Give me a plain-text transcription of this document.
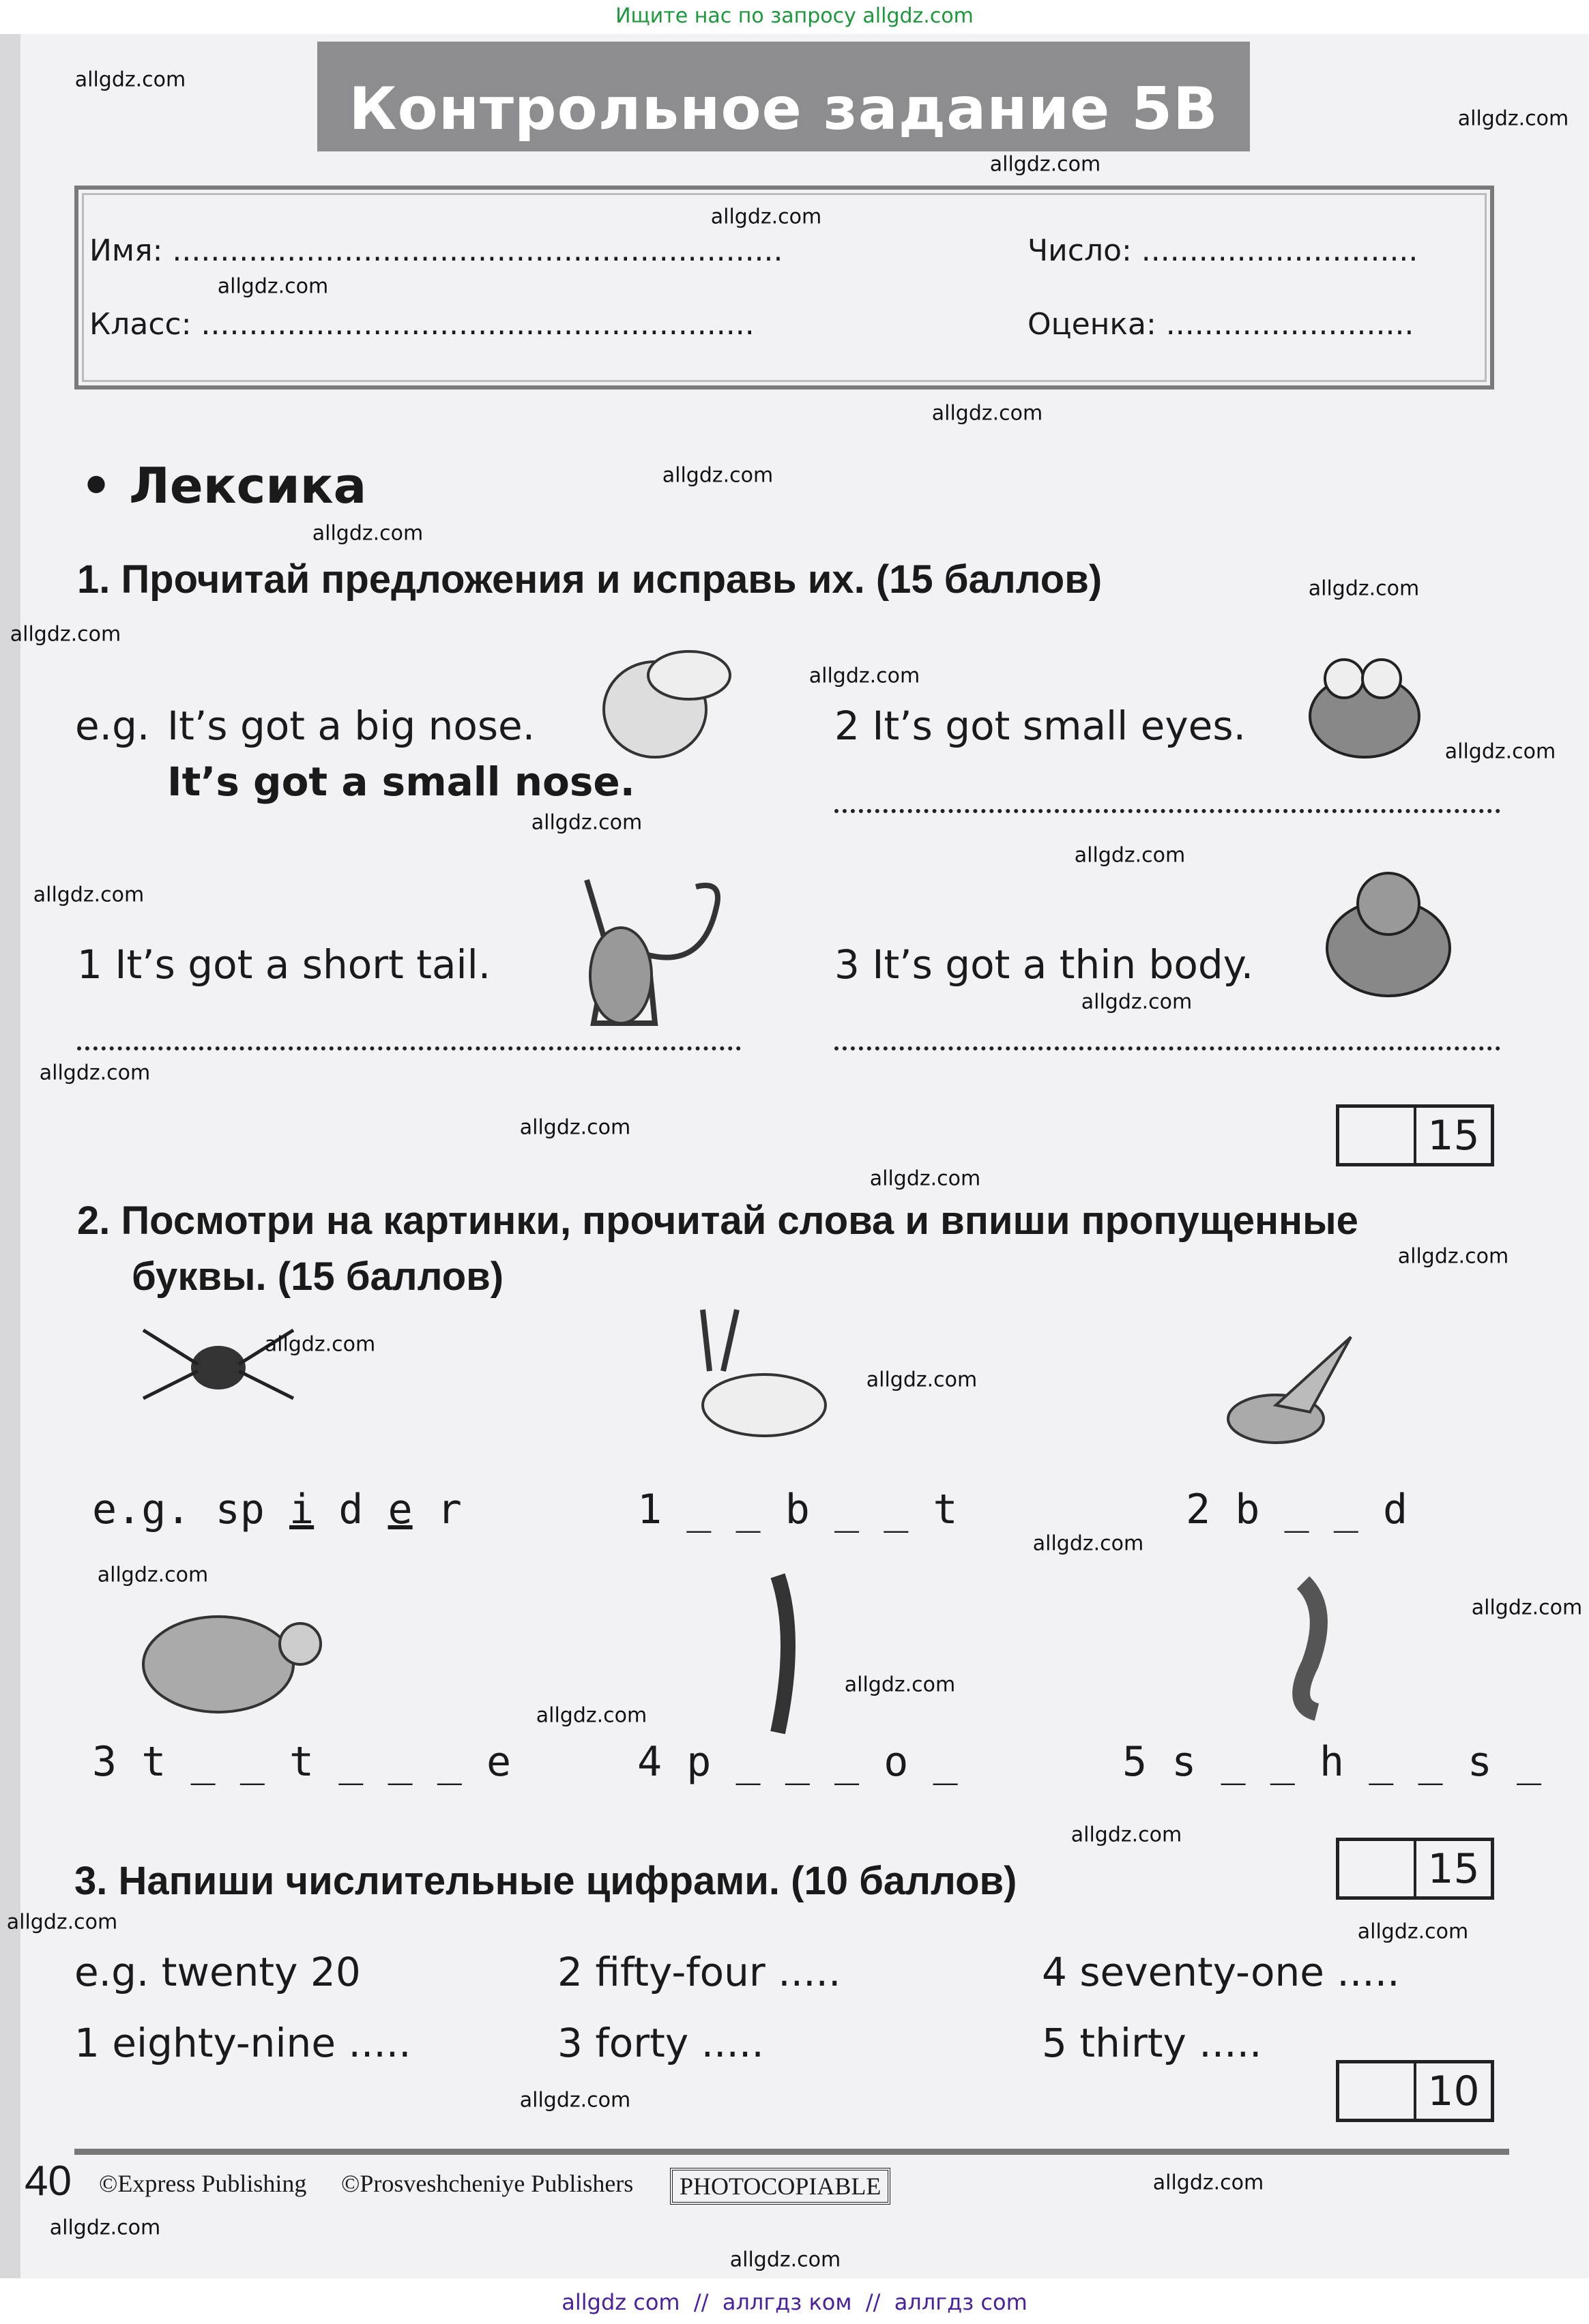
Ищите нас по запросу allgdz.com
Контрольное задание 5В
Имя: ................................................................	Число: .............................
Класс: ..........................................................	Оценка: ..........................
• Лексика
1. Прочитай предложения и исправь их. (15 баллов)
e.g. It’s got a big nose.
It’s got a small nose.
2 It’s got small eyes.
1 It’s got a short tail.	3 It’s got a thin body.
15
2. Посмотри на картинки, прочитай слова и впиши пропущенные
буквы. (15 баллов)
e.g. sp i d e r	1 _ _ b _ _ t	2 b _ _ d
3 t _ _ t _ _ _ e	4 p _ _ _ o _	5 s _ _ h _ _ s _
15
3. Напиши числительные цифрами. (10 баллов)
e.g. twenty 20	2 fifty-four .....	4 seventy-one .....
1 eighty-nine .....	3 forty .....	5 thirty .....
10
40 ©Express Publishing ©Prosveshcheniye Publishers	PHOTOCOPIABLE
allgdz.com
allgdz.com
allgdz.com
allgdz.com
allgdz.com
allgdz.com
allgdz.com
allgdz.com
allgdz.com
allgdz.com
allgdz.com
allgdz.com
allgdz.com
allgdz.com
allgdz.com
allgdz.com
allgdz.com
allgdz.com
allgdz.com
allgdz.com
allgdz.com
allgdz.com
allgdz.com
allgdz.com
allgdz.com
allgdz.com
allgdz.com
allgdz.com
allgdz.com	allgdz.com
allgdz.com
allgdz.com
allgdz.com
allgdz.com
allgdz com  //  аллгдз ком  //  аллгдз com
